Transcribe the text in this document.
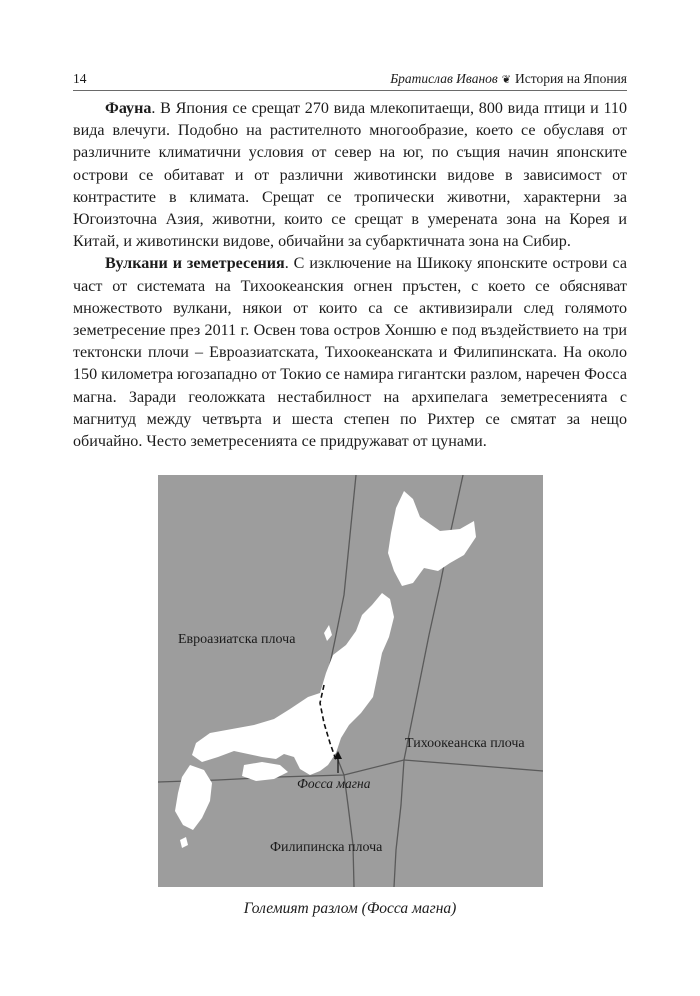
14	Братислав Иванов ❦ История на Япония

Фауна. В Япония се срещат 270 вида млекопитаещи, 800 вида птици и 110 вида влечуги. Подобно на растителното многообразие, което се обуславя от различните климатични условия от север на юг, по същия начин японските острови се обитават и от различни животински видове в зависимост от контрастите в климата. Срещат се тропически животни, характерни за Югоизточна Азия, животни, които се срещат в умерената зона на Корея и Китай, и животински видове, обичайни за субарктичната зона на Сибир.

Вулкани и земетресения. С изключение на Шикоку японските острови са част от системата на Тихоокеанския огнен пръстен, с което се обясняват множеството вулкани, някои от които са се активизирали след голямото земетресение през 2011 г. Освен това остров Хоншю е под въздействието на три тектонски плочи – Евроазиатската, Тихоокеанската и Филипинската. На около 150 километра югозападно от Токио се намира гигантски разлом, наречен Фосса магна. Заради геоложката нестабилност на архипелага земетресенията с магнитуд между четвърта и шеста степен по Рихтер се смятат за нещо обичайно. Често земетресенията се придружават от цунами.

Евроазиатска плоча
Тихоокеанска плоча
Филипинска плоча
Фосса магна
Големият разлом (Фосса магна)
